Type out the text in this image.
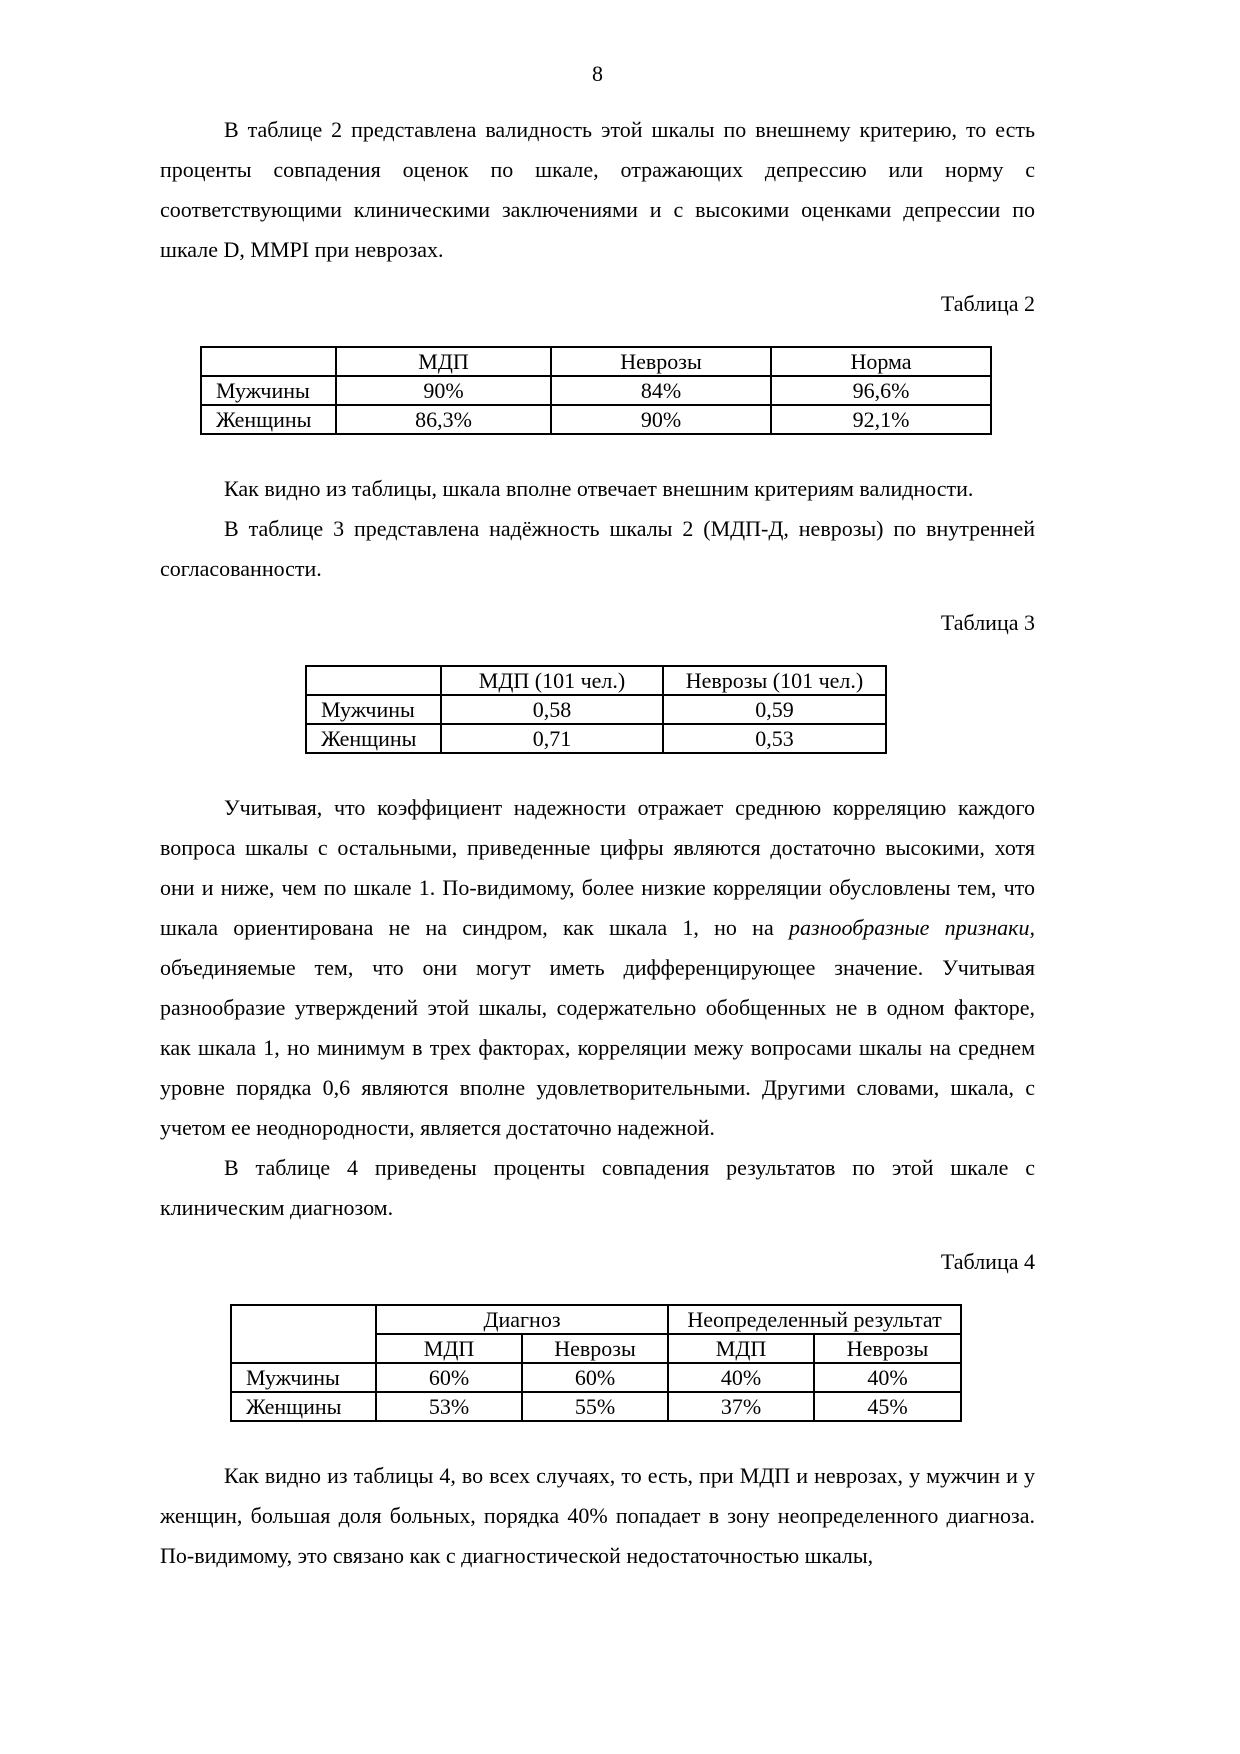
8

В таблице 2 представлена валидность этой шкалы по внешнему критерию, то есть проценты совпадения оценок по шкале, отражающих депрессию или норму с соответствующими клиническими заключениями и с высокими оценками депрессии по шкале D, MMPI при неврозах.

Таблица 2

	МДП	Неврозы	Норма
Мужчины	90%	84%	96,6%
Женщины	86,3%	90%	92,1%

Как видно из таблицы, шкала вполне отвечает внешним критериям валидности.

В таблице 3 представлена надёжность шкалы 2 (МДП-Д, неврозы) по внутренней согласованности.

Таблица 3

	МДП (101 чел.)	Неврозы (101 чел.)
Мужчины	0,58	0,59
Женщины	0,71	0,53

Учитывая, что коэффициент надежности отражает среднюю корреляцию каждого вопроса шкалы с остальными, приведенные цифры являются достаточно высокими, хотя они и ниже, чем по шкале 1. По-видимому, более низкие корреляции обусловлены тем, что шкала ориентирована не на синдром, как шкала 1, но на разнообразные признаки, объединяемые тем, что они могут иметь дифференцирующее значение. Учитывая разнообразие утверждений этой шкалы, содержательно обобщенных не в одном факторе, как шкала 1, но минимум в трех факторах, корреляции межу вопросами шкалы на среднем уровне порядка 0,6 являются вполне удовлетворительными. Другими словами, шкала, с учетом ее неоднородности, является достаточно надежной.

В таблице 4 приведены проценты совпадения результатов по этой шкале с клиническим диагнозом.

Таблица 4

	Диагноз		Неопределенный результат	
	МДП	Неврозы	МДП	Неврозы
Мужчины	60%	60%	40%	40%
Женщины	53%	55%	37%	45%

Как видно из таблицы 4, во всех случаях, то есть, при МДП и неврозах, у мужчин и у женщин, большая доля больных, порядка 40% попадает в зону неопределенного диагноза. По-видимому, это связано как с диагностической недостаточностью шкалы,
